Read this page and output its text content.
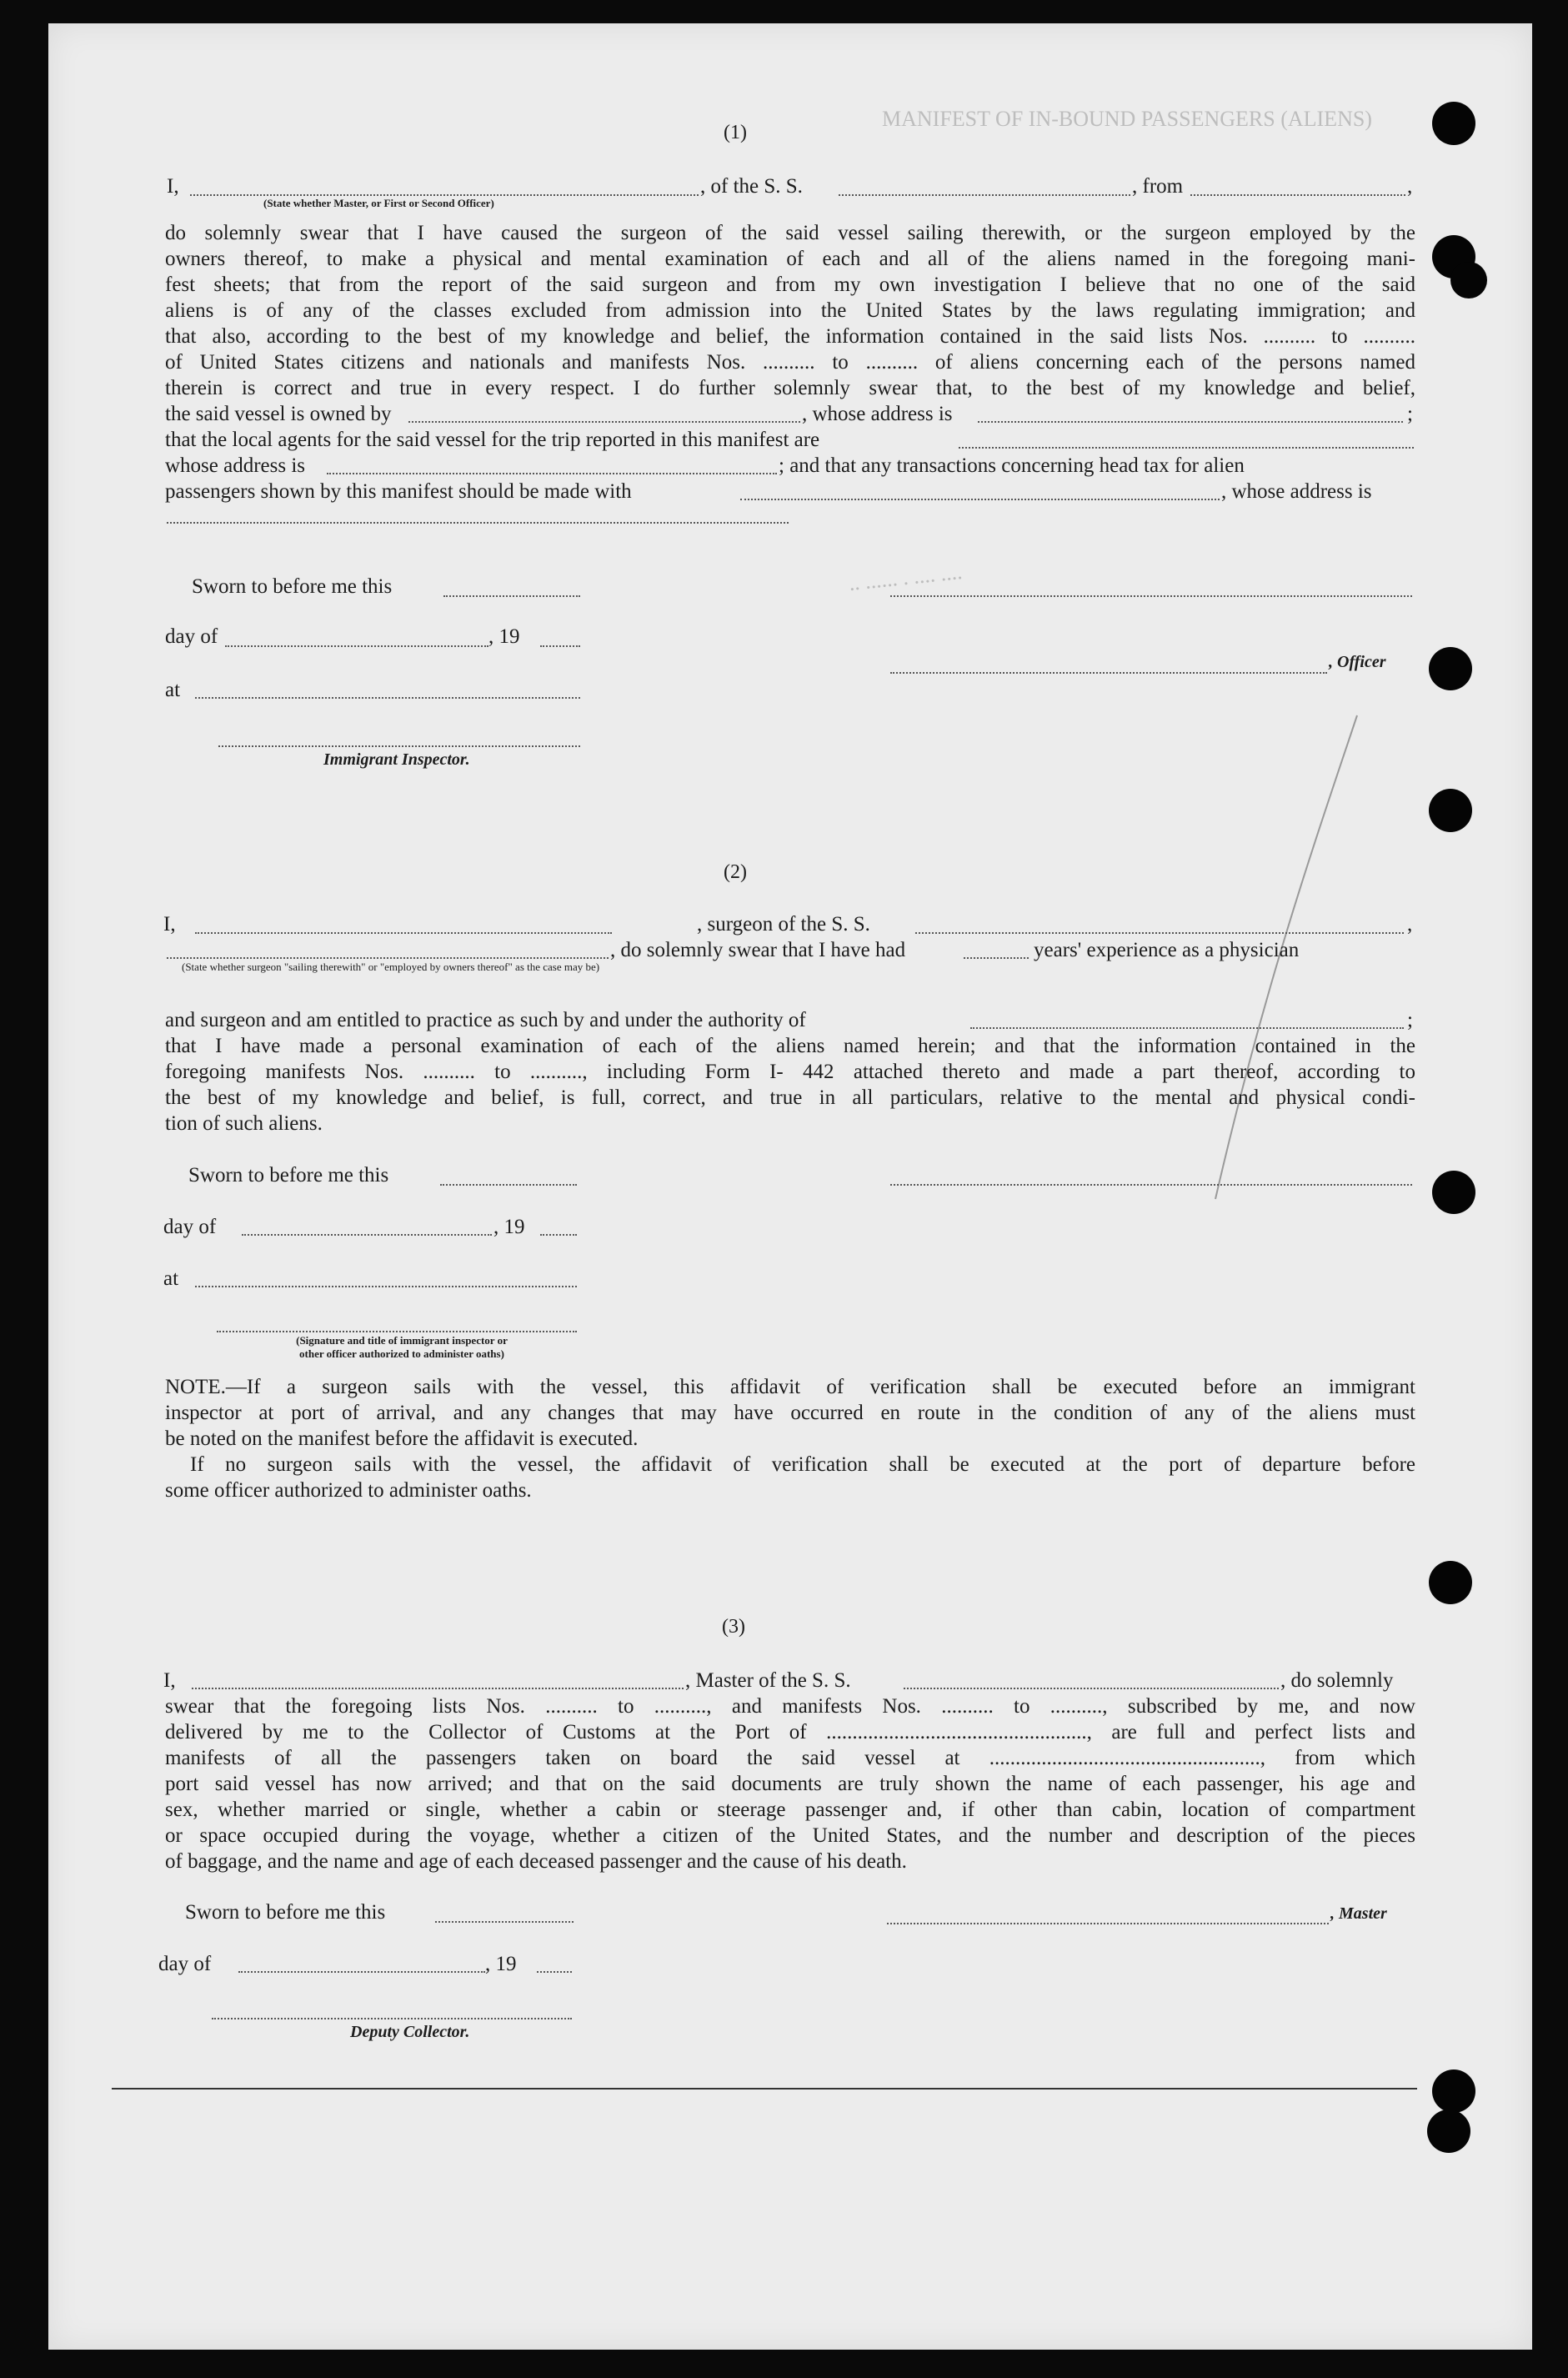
MANIFEST OF IN-BOUND PASSENGERS (ALIENS)
.. ...... . .... ....
(1)
I,	, of the S. S.	, from	,
(State whether Master, or First or Second Officer)
do solemnly swear that I have caused the surgeon of the said vessel sailing therewith, or the surgeon employed by the
owners thereof, to make a physical and mental examination of each and all of the aliens named in the foregoing mani-
fest sheets; that from the report of the said surgeon and from my own investigation I believe that no one of the said
aliens is of any of the classes excluded from admission into the United States by the laws regulating immigration; and
that also, according to the best of my knowledge and belief, the information contained in the said lists Nos. .......... to ..........
of United States citizens and nationals and manifests Nos. .......... to .......... of aliens concerning each of the persons named
therein is correct and true in every respect. I do further solemnly swear that, to the best of my knowledge and belief,
the said vessel is owned by	, whose address is	;
that the local agents for the said vessel for the trip reported in this manifest are
whose address is	; and that any transactions concerning head tax for alien
passengers shown by this manifest should be made with	, whose address is
Sworn to before me this
day of	, 19
, Officer
at
Immigrant Inspector.
(2)
I,	, surgeon of the S. S.	,
, do solemnly swear that I have had	years' experience as a physician
(State whether surgeon "sailing therewith" or "employed by owners thereof" as the case may be)
and surgeon and am entitled to practice as such by and under the authority of	;
that I have made a personal examination of each of the aliens named herein; and that the information contained in the
foregoing manifests Nos. .......... to .........., including Form I- 442 attached thereto and made a part thereof, according to
the best of my knowledge and belief, is full, correct, and true in all particulars, relative to the mental and physical condi-
tion of such aliens.
Sworn to before me this
day of	, 19
at
(Signature and title of immigrant inspector or
other officer authorized to administer oaths)
NOTE.—If a surgeon sails with the vessel, this affidavit of verification shall be executed before an immigrant
inspector at port of arrival, and any changes that may have occurred en route in the condition of any of the aliens must
be noted on the manifest before the affidavit is executed.
If no surgeon sails with the vessel, the affidavit of verification shall be executed at the port of departure before
some officer authorized to administer oaths.
(3)
I,	, Master of the S. S.	, do solemnly
swear that the foregoing lists Nos. .......... to .........., and manifests Nos. .......... to .........., subscribed by me, and now
delivered by me to the Collector of Customs at the Port of .................................................., are full and perfect lists and
manifests of all the passengers taken on board the said vessel at ...................................................., from which
port said vessel has now arrived; and that on the said documents are truly shown the name of each passenger, his age and
sex, whether married or single, whether a cabin or steerage passenger and, if other than cabin, location of compartment
or space occupied during the voyage, whether a citizen of the United States, and the number and description of the pieces
of baggage, and the name and age of each deceased passenger and the cause of his death.
Sworn to before me this	, Master
day of	, 19
Deputy Collector.
